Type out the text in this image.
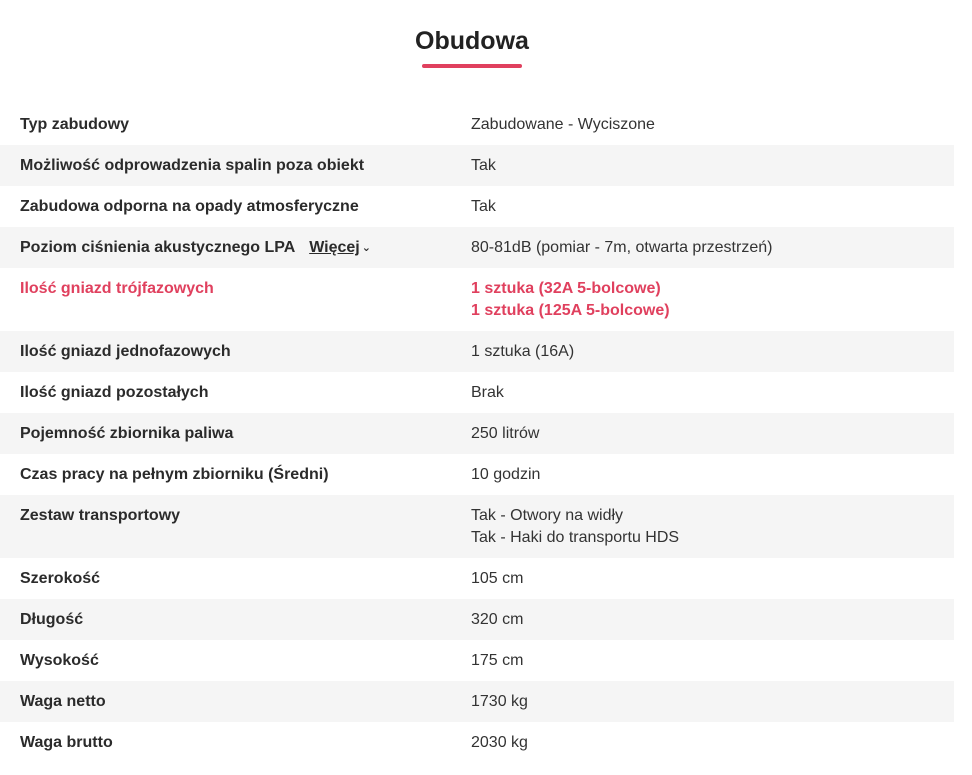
Obudowa
Typ zabudowy	Zabudowane - Wyciszone
Możliwość odprowadzenia spalin poza obiekt	Tak
Zabudowa odporna na opady atmosferyczne	Tak
Poziom ciśnienia akustycznego LPA Więcej ⌄	80-81dB (pomiar - 7m, otwarta przestrzeń)
Ilość gniazd trójfazowych	1 sztuka (32A 5-bolcowe)
1 sztuka (125A 5-bolcowe)
Ilość gniazd jednofazowych	1 sztuka (16A)
Ilość gniazd pozostałych	Brak
Pojemność zbiornika paliwa	250 litrów
Czas pracy na pełnym zbiorniku (Średni)	10 godzin
Zestaw transportowy	Tak - Otwory na widły
Tak - Haki do transportu HDS
Szerokość	105 cm
Długość	320 cm
Wysokość	175 cm
Waga netto	1730 kg
Waga brutto	2030 kg
